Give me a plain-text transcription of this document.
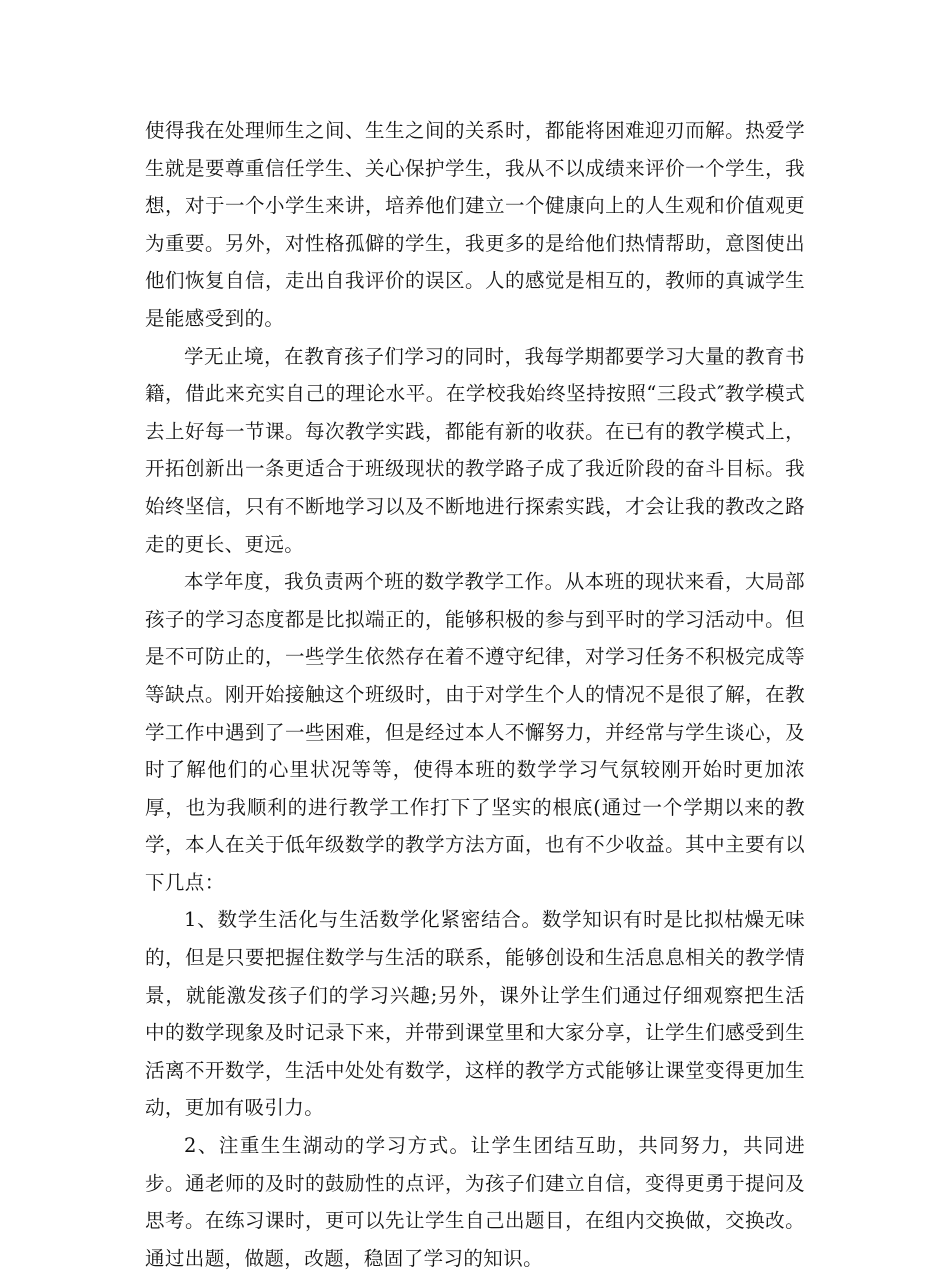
使得我在处理师生之间、生生之间的关系时，都能将困难迎刃而解。热爱学生就是要尊重信任学生、关心保护学生，我从不以成绩来评价一个学生，我想，对于一个小学生来讲，培养他们建立一个健康向上的人生观和价值观更为重要。另外，对性格孤僻的学生，我更多的是给他们热情帮助，意图使出他们恢复自信，走出自我评价的误区。人的感觉是相互的，教师的真诚学生是能感受到的。

学无止境，在教育孩子们学习的同时，我每学期都要学习大量的教育书籍，借此来充实自己的理论水平。在学校我始终坚持按照“三段式″教学模式去上好每一节课。每次教学实践，都能有新的收获。在已有的教学模式上，开拓创新出一条更适合于班级现状的教学路子成了我近阶段的奋斗目标。我始终坚信，只有不断地学习以及不断地进行探索实践，才会让我的教改之路走的更长、更远。

本学年度，我负责两个班的数学教学工作。从本班的现状来看，大局部孩子的学习态度都是比拟端正的，能够积极的参与到平时的学习活动中。但是不可防止的，一些学生依然存在着不遵守纪律，对学习任务不积极完成等等缺点。刚开始接触这个班级时，由于对学生个人的情况不是很了解，在教学工作中遇到了一些困难，但是经过本人不懈努力，并经常与学生谈心，及时了解他们的心里状况等等，使得本班的数学学习气氛较刚开始时更加浓厚，也为我顺利的进行教学工作打下了坚实的根底(通过一个学期以来的教学，本人在关于低年级数学的教学方法方面，也有不少收益。其中主要有以下几点：

1、数学生活化与生活数学化紧密结合。数学知识有时是比拟枯燥无味的，但是只要把握住数学与生活的联系，能够创设和生活息息相关的教学情景，就能激发孩子们的学习兴趣;另外，课外让学生们通过仔细观察把生活中的数学现象及时记录下来，并带到课堂里和大家分享，让学生们感受到生活离不开数学，生活中处处有数学，这样的教学方式能够让课堂变得更加生动，更加有吸引力。

2、注重生生湖动的学习方式。让学生团结互助，共同努力，共同进步。通老师的及时的鼓励性的点评，为孩子们建立自信，变得更勇于提问及思考。在练习课时，更可以先让学生自己出题目，在组内交换做，交换改。通过出题，做题，改题，稳固了学习的知识。
